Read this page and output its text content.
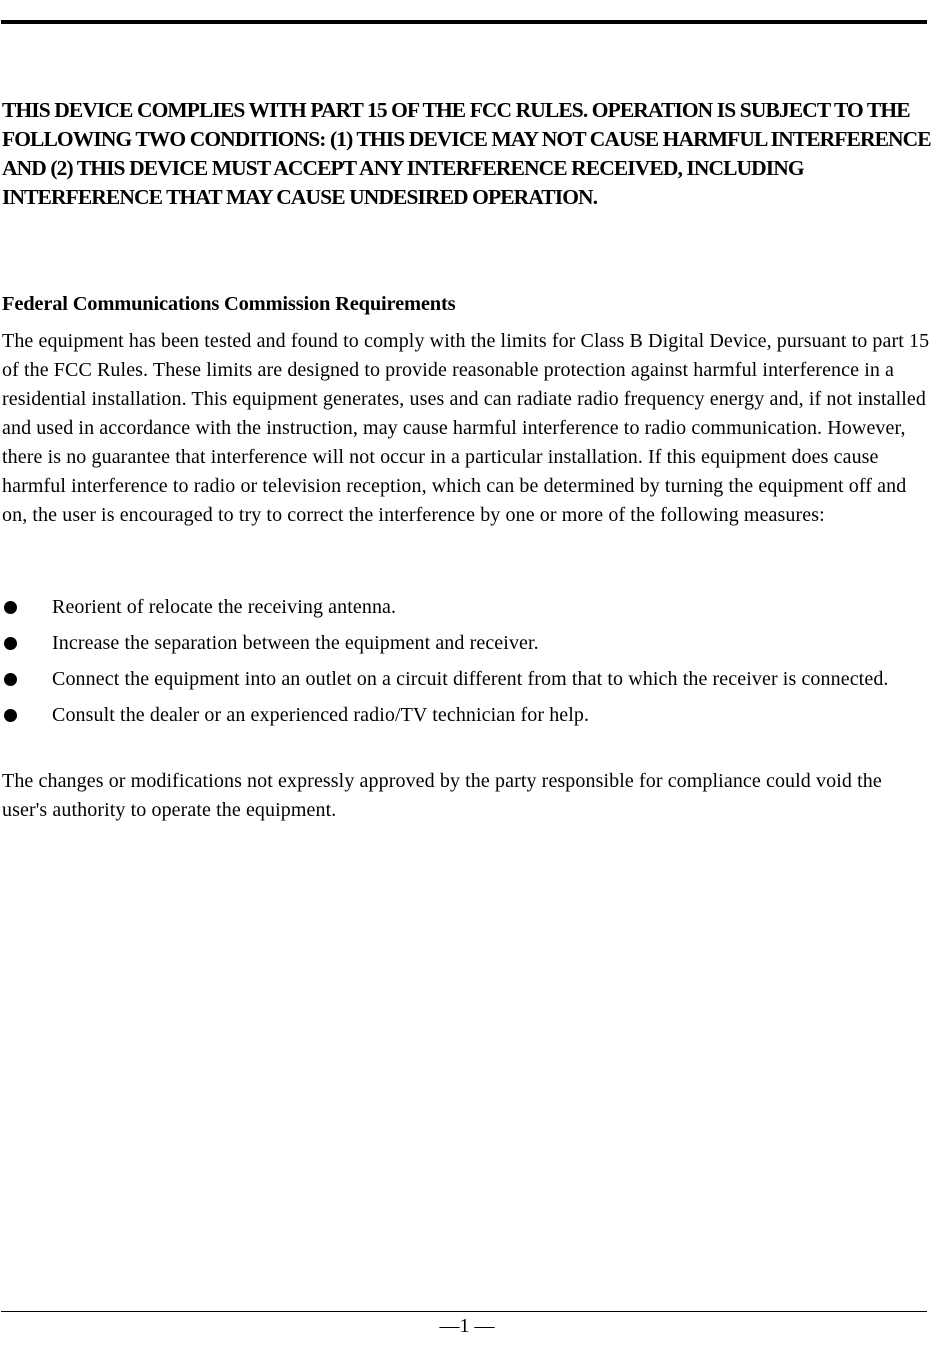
THIS DEVICE COMPLIES WITH PART 15 OF THE FCC RULES. OPERATION IS SUBJECT TO THE FOLLOWING TWO CONDITIONS: (1) THIS DEVICE MAY NOT CAUSE HARMFUL INTERFERENCE AND (2) THIS DEVICE MUST ACCEPT ANY INTERFERENCE RECEIVED, INCLUDING INTERFERENCE THAT MAY CAUSE UNDESIRED OPERATION.

Federal Communications Commission Requirements

The equipment has been tested and found to comply with the limits for Class B Digital Device, pursuant to part 15 of the FCC Rules. These limits are designed to provide reasonable protection against harmful interference in a residential installation. This equipment generates, uses and can radiate radio frequency energy and, if not installed and used in accordance with the instruction, may cause harmful interference to radio communication. However, there is no guarantee that interference will not occur in a particular installation. If this equipment does cause harmful interference to radio or television reception, which can be determined by turning the equipment off and on, the user is encouraged to try to correct the interference by one or more of the following measures:

Reorient of relocate the receiving antenna.
Increase the separation between the equipment and receiver.
Connect the equipment into an outlet on a circuit different from that to which the receiver is connected.
Consult the dealer or an experienced radio/TV technician for help.

The changes or modifications not expressly approved by the party responsible for compliance could void the user's authority to operate the equipment.

—1 —
